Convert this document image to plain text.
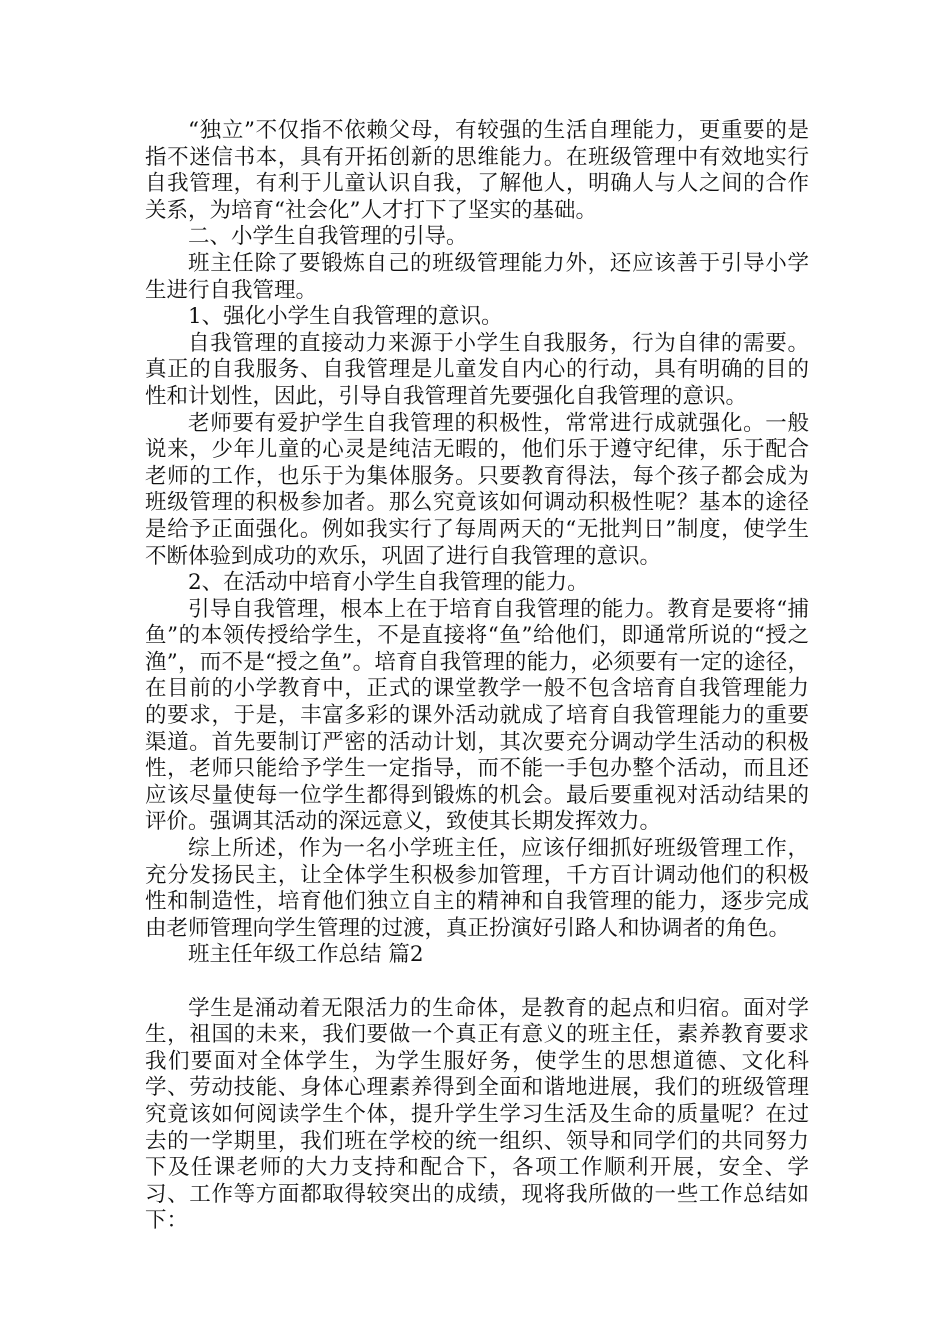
“独立”不仅指不依赖父母，有较强的生活自理能力，更重要的是指不迷信书本，具有开拓创新的思维能力。在班级管理中有效地实行自我管理，有利于儿童认识自我，了解他人，明确人与人之间的合作关系，为培育“社会化”人才打下了坚实的基础。

二、小学生自我管理的引导。

班主任除了要锻炼自己的班级管理能力外，还应该善于引导小学生进行自我管理。

1、强化小学生自我管理的意识。

自我管理的直接动力来源于小学生自我服务，行为自律的需要。真正的自我服务、自我管理是儿童发自内心的行动，具有明确的目的性和计划性，因此，引导自我管理首先要强化自我管理的意识。

老师要有爱护学生自我管理的积极性，常常进行成就强化。一般说来，少年儿童的心灵是纯洁无暇的，他们乐于遵守纪律，乐于配合老师的工作，也乐于为集体服务。只要教育得法，每个孩子都会成为班级管理的积极参加者。那么究竟该如何调动积极性呢？基本的途径是给予正面强化。例如我实行了每周两天的“无批判日”制度，使学生不断体验到成功的欢乐，巩固了进行自我管理的意识。

2、在活动中培育小学生自我管理的能力。

引导自我管理，根本上在于培育自我管理的能力。教育是要将“捕鱼”的本领传授给学生，不是直接将“鱼”给他们，即通常所说的“授之渔”，而不是“授之鱼”。培育自我管理的能力，必须要有一定的途径，在目前的小学教育中，正式的课堂教学一般不包含培育自我管理能力的要求，于是，丰富多彩的课外活动就成了培育自我管理能力的重要渠道。首先要制订严密的活动计划，其次要充分调动学生活动的积极性，老师只能给予学生一定指导，而不能一手包办整个活动，而且还应该尽量使每一位学生都得到锻炼的机会。最后要重视对活动结果的评价。强调其活动的深远意义，致使其长期发挥效力。

综上所述，作为一名小学班主任，应该仔细抓好班级管理工作，充分发扬民主，让全体学生积极参加管理，千方百计调动他们的积极性和制造性，培育他们独立自主的精神和自我管理的能力，逐步完成由老师管理向学生管理的过渡，真正扮演好引路人和协调者的角色。

班主任年级工作总结 篇2

学生是涌动着无限活力的生命体，是教育的起点和归宿。面对学生，祖国的未来，我们要做一个真正有意义的班主任，素养教育要求我们要面对全体学生，为学生服好务，使学生的思想道德、文化科学、劳动技能、身体心理素养得到全面和谐地进展，我们的班级管理究竟该如何阅读学生个体，提升学生学习生活及生命的质量呢？在过去的一学期里，我们班在学校的统一组织、领导和同学们的共同努力下及任课老师的大力支持和配合下，各项工作顺利开展，安全、学习、工作等方面都取得较突出的成绩，现将我所做的一些工作总结如下：
